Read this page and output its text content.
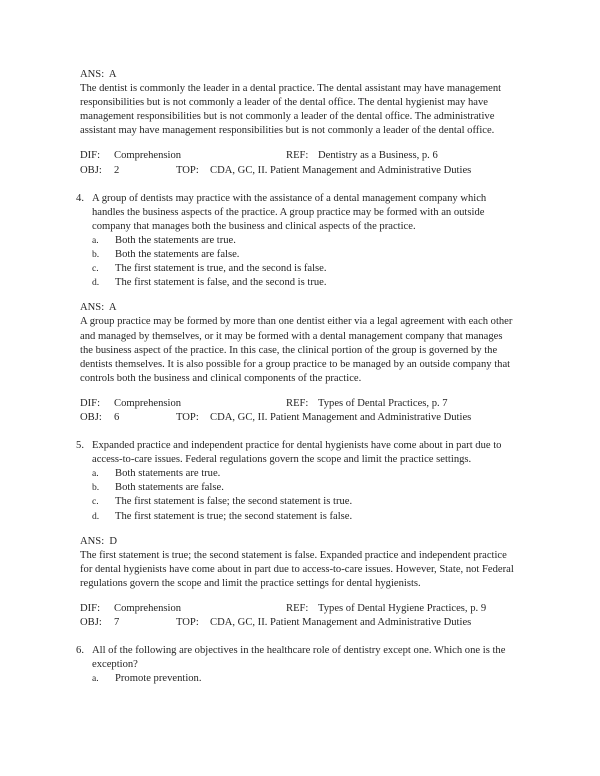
ANS:  A
The dentist is commonly the leader in a dental practice. The dental assistant may have management responsibilities but is not commonly a leader of the dental office. The dental hygienist may have management responsibilities but is not commonly a leader of the dental office. The administrative assistant may have management responsibilities but is not commonly a leader of the dental office.
DIF: Comprehension	REF: Dentistry as a Business, p. 6
OBJ: 2	TOP: CDA, GC, II. Patient Management and Administrative Duties
4. A group of dentists may practice with the assistance of a dental management company which handles the business aspects of the practice. A group practice may be formed with an outside company that manages both the business and clinical aspects of the practice.
a.	Both the statements are true.
b.	Both the statements are false.
c.	The first statement is true, and the second is false.
d.	The first statement is false, and the second is true.
ANS:  A
A group practice may be formed by more than one dentist either via a legal agreement with each other and managed by themselves, or it may be formed with a dental management company that manages the business aspect of the practice. In this case, the clinical portion of the group is governed by the dentists themselves. It is also possible for a group practice to be managed by an outside company that controls both the business and clinical components of the practice.
DIF: Comprehension	REF: Types of Dental Practices, p. 7
OBJ: 6	TOP: CDA, GC, II. Patient Management and Administrative Duties
5. Expanded practice and independent practice for dental hygienists have come about in part due to access-to-care issues. Federal regulations govern the scope and limit the practice settings.
a.	Both statements are true.
b.	Both statements are false.
c.	The first statement is false; the second statement is true.
d.	The first statement is true; the second statement is false.
ANS:  D
The first statement is true; the second statement is false. Expanded practice and independent practice for dental hygienists have come about in part due to access-to-care issues. However, State, not Federal regulations govern the scope and limit the practice settings for dental hygienists.
DIF: Comprehension	REF: Types of Dental Hygiene Practices, p. 9
OBJ: 7	TOP: CDA, GC, II. Patient Management and Administrative Duties
6. All of the following are objectives in the healthcare role of dentistry except one. Which one is the exception?
a.	Promote prevention.
